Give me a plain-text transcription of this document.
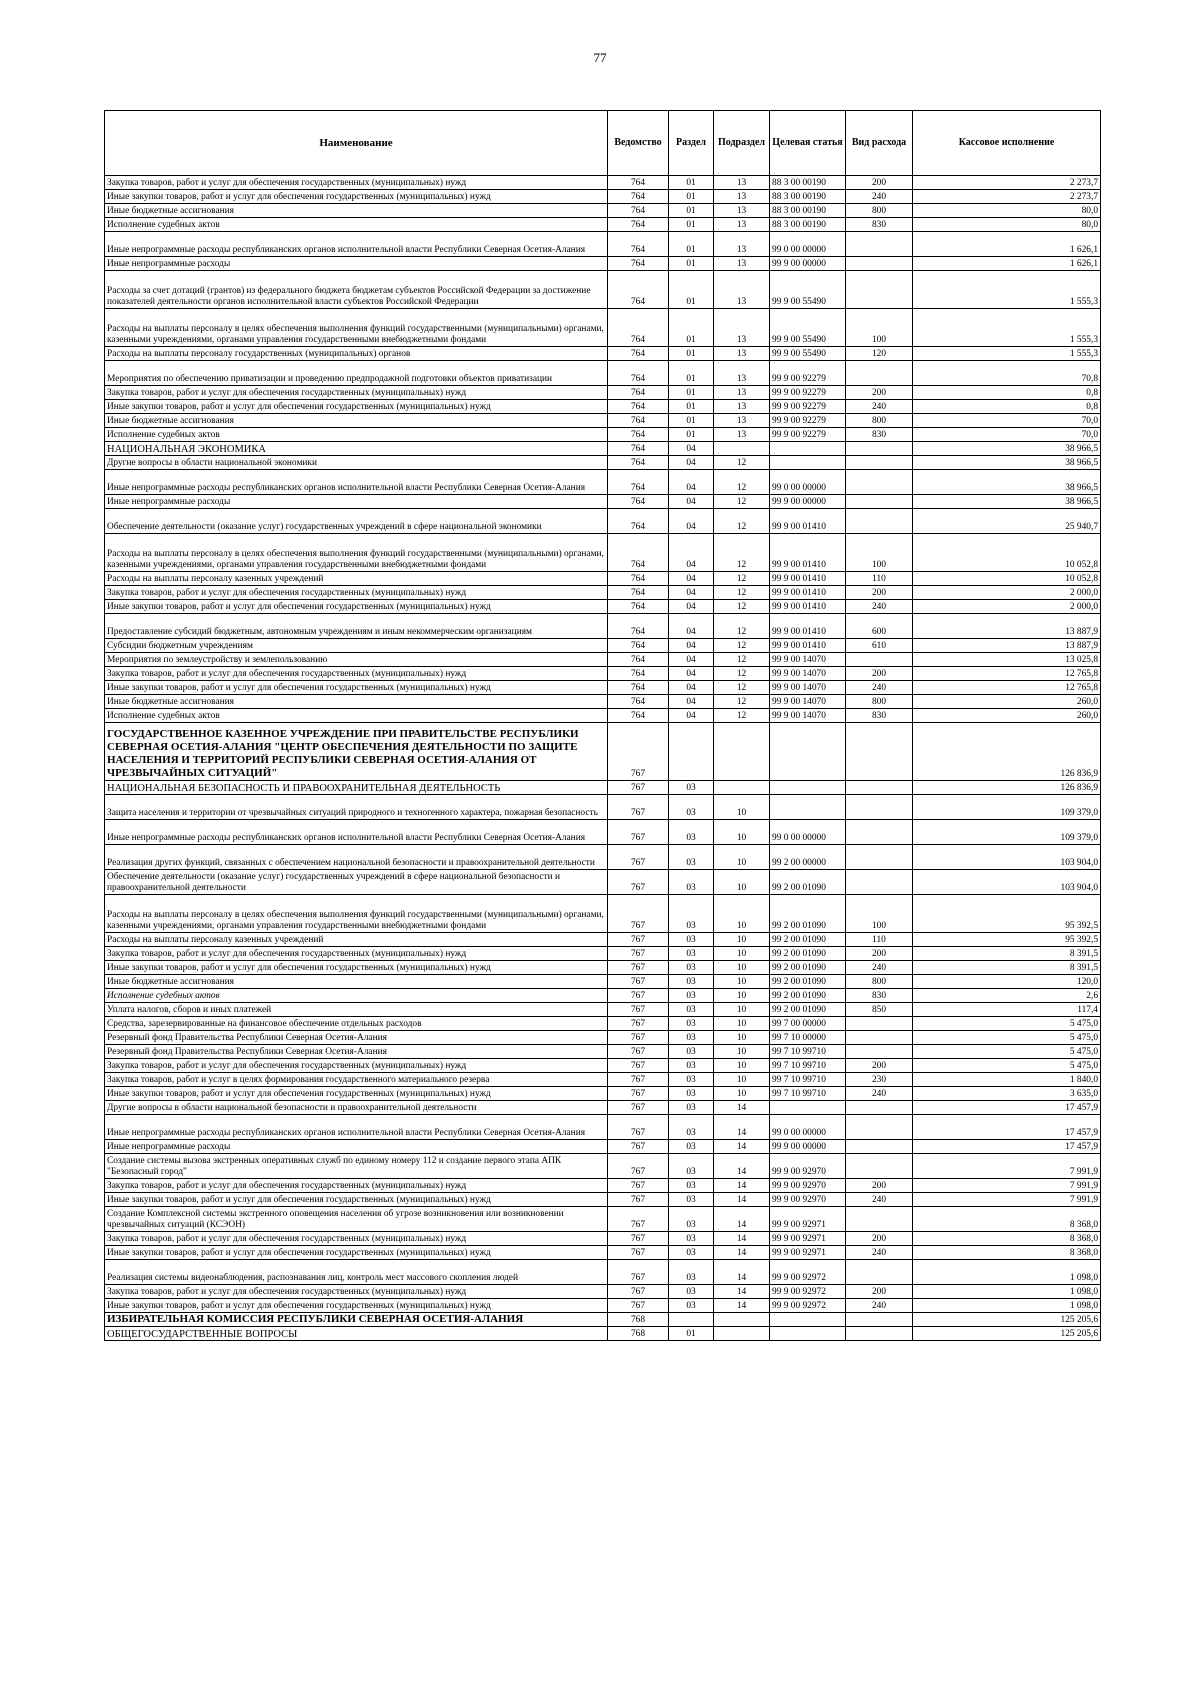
77
Наименование	Ведомство	Раздел	Подраздел	Целевая статья	Вид расхода	Кассовое исполнение
Закупка товаров, работ и услуг для обеспечения государственных (муниципальных) нужд	764	01	13	88 3 00 00190	200	2 273,7
Иные закупки товаров, работ и услуг для обеспечения государственных (муниципальных) нужд	764	01	13	88 3 00 00190	240	2 273,7
Иные бюджетные ассигнования	764	01	13	88 3 00 00190	800	80,0
Исполнение судебных актов	764	01	13	88 3 00 00190	830	80,0
Иные непрограммные расходы республиканских органов исполнительной власти Республики Северная Осетия-Алания	764	01	13	99 0 00 00000		1 626,1
Иные непрограммные расходы	764	01	13	99 9 00 00000		1 626,1
Расходы за счет дотаций (грантов) из федерального бюджета бюджетам субъектов Российской Федерации за достижение показателей деятельности органов исполнительной власти субъектов Российской Федерации	764	01	13	99 9 00 55490		1 555,3
Расходы на выплаты персоналу в целях обеспечения выполнения функций государственными (муниципальными) органами, казенными учреждениями, органами управления государственными внебюджетными фондами	764	01	13	99 9 00 55490	100	1 555,3
Расходы на выплаты персоналу государственных (муниципальных) органов	764	01	13	99 9 00 55490	120	1 555,3
Мероприятия по обеспечению приватизации и проведению предпродажной подготовки объектов приватизации	764	01	13	99 9 00 92279		70,8
Закупка товаров, работ и услуг для обеспечения государственных (муниципальных) нужд	764	01	13	99 9 00 92279	200	0,8
Иные закупки товаров, работ и услуг для обеспечения государственных (муниципальных) нужд	764	01	13	99 9 00 92279	240	0,8
Иные бюджетные ассигнования	764	01	13	99 9 00 92279	800	70,0
Исполнение судебных актов	764	01	13	99 9 00 92279	830	70,0
НАЦИОНАЛЬНАЯ ЭКОНОМИКА	764	04				38 966,5
Другие вопросы в области национальной экономики	764	04	12			38 966,5
Иные непрограммные расходы республиканских органов исполнительной власти Республики Северная Осетия-Алания	764	04	12	99 0 00 00000		38 966,5
Иные непрограммные расходы	764	04	12	99 9 00 00000		38 966,5
Обеспечение деятельности (оказание услуг) государственных учреждений в сфере национальной экономики	764	04	12	99 9 00 01410		25 940,7
Расходы на выплаты персоналу в целях обеспечения выполнения функций государственными (муниципальными) органами, казенными учреждениями, органами управления государственными внебюджетными фондами	764	04	12	99 9 00 01410	100	10 052,8
Расходы на выплаты персоналу казенных учреждений	764	04	12	99 9 00 01410	110	10 052,8
Закупка товаров, работ и услуг для обеспечения государственных (муниципальных) нужд	764	04	12	99 9 00 01410	200	2 000,0
Иные закупки товаров, работ и услуг для обеспечения государственных (муниципальных) нужд	764	04	12	99 9 00 01410	240	2 000,0
Предоставление субсидий бюджетным, автономным учреждениям и иным некоммерческим организациям	764	04	12	99 9 00 01410	600	13 887,9
Субсидии бюджетным учреждениям	764	04	12	99 9 00 01410	610	13 887,9
Мероприятия по землеустройству и землепользованию	764	04	12	99 9 00 14070		13 025,8
Закупка товаров, работ и услуг для обеспечения государственных (муниципальных) нужд	764	04	12	99 9 00 14070	200	12 765,8
Иные закупки товаров, работ и услуг для обеспечения государственных (муниципальных) нужд	764	04	12	99 9 00 14070	240	12 765,8
Иные бюджетные ассигнования	764	04	12	99 9 00 14070	800	260,0
Исполнение судебных актов	764	04	12	99 9 00 14070	830	260,0
ГОСУДАРСТВЕННОЕ КАЗЕННОЕ УЧРЕЖДЕНИЕ ПРИ ПРАВИТЕЛЬСТВЕ РЕСПУБЛИКИ СЕВЕРНАЯ ОСЕТИЯ-АЛАНИЯ "ЦЕНТР ОБЕСПЕЧЕНИЯ ДЕЯТЕЛЬНОСТИ ПО ЗАЩИТЕ НАСЕЛЕНИЯ И ТЕРРИТОРИЙ РЕСПУБЛИКИ СЕВЕРНАЯ ОСЕТИЯ-АЛАНИЯ ОТ ЧРЕЗВЫЧАЙНЫХ СИТУАЦИЙ"	767					126 836,9
НАЦИОНАЛЬНАЯ БЕЗОПАСНОСТЬ И ПРАВООХРАНИТЕЛЬНАЯ ДЕЯТЕЛЬНОСТЬ	767	03				126 836,9
Защита населения и территории от чрезвычайных ситуаций природного и техногенного характера, пожарная безопасность	767	03	10			109 379,0
Иные непрограммные расходы республиканских органов исполнительной власти Республики Северная Осетия-Алания	767	03	10	99 0 00 00000		109 379,0
Реализация других функций, связанных с обеспечением национальной безопасности и правоохранительной деятельности	767	03	10	99 2 00 00000		103 904,0
Обеспечение деятельности (оказание услуг) государственных учреждений в сфере национальной безопасности и правоохранительной деятельности	767	03	10	99 2 00 01090		103 904,0
Расходы на выплаты персоналу в целях обеспечения выполнения функций государственными (муниципальными) органами, казенными учреждениями, органами управления государственными внебюджетными фондами	767	03	10	99 2 00 01090	100	95 392,5
Расходы на выплаты персоналу казенных учреждений	767	03	10	99 2 00 01090	110	95 392,5
Закупка товаров, работ и услуг для обеспечения государственных (муниципальных) нужд	767	03	10	99 2 00 01090	200	8 391,5
Иные закупки товаров, работ и услуг для обеспечения государственных (муниципальных) нужд	767	03	10	99 2 00 01090	240	8 391,5
Иные бюджетные ассигнования	767	03	10	99 2 00 01090	800	120,0
Исполнение судебных актов	767	03	10	99 2 00 01090	830	2,6
Уплата налогов, сборов и иных платежей	767	03	10	99 2 00 01090	850	117,4
Средства, зарезервированные на финансовое обеспечение отдельных расходов	767	03	10	99 7 00 00000		5 475,0
Резервный фонд Правительства Республики Северная Осетия-Алания	767	03	10	99 7 10 00000		5 475,0
Резервный фонд Правительства Республики Северная Осетия-Алания	767	03	10	99 7 10 99710		5 475,0
Закупка товаров, работ и услуг для обеспечения государственных (муниципальных) нужд	767	03	10	99 7 10 99710	200	5 475,0
Закупка товаров, работ и услуг в целях формирования государственного материального резерва	767	03	10	99 7 10 99710	230	1 840,0
Иные закупки товаров, работ и услуг для обеспечения государственных (муниципальных) нужд	767	03	10	99 7 10 99710	240	3 635,0
Другие вопросы в области национальной безопасности и правоохранительной деятельности	767	03	14			17 457,9
Иные непрограммные расходы республиканских органов исполнительной власти Республики Северная Осетия-Алания	767	03	14	99 0 00 00000		17 457,9
Иные непрограммные расходы	767	03	14	99 9 00 00000		17 457,9
Создание системы вызова экстренных оперативных служб по единому номеру 112 и создание первого этапа АПК "Безопасный город"	767	03	14	99 9 00 92970		7 991,9
Закупка товаров, работ и услуг для обеспечения государственных (муниципальных) нужд	767	03	14	99 9 00 92970	200	7 991,9
Иные закупки товаров, работ и услуг для обеспечения государственных (муниципальных) нужд	767	03	14	99 9 00 92970	240	7 991,9
Создание Комплексной системы экстренного оповещения населения об угрозе возникновения или возникновении чрезвычайных ситуаций (КСЭОН)	767	03	14	99 9 00 92971		8 368,0
Закупка товаров, работ и услуг для обеспечения государственных (муниципальных) нужд	767	03	14	99 9 00 92971	200	8 368,0
Иные закупки товаров, работ и услуг для обеспечения государственных (муниципальных) нужд	767	03	14	99 9 00 92971	240	8 368,0
Реализация системы видеонаблюдения, распознавания лиц, контроль мест массового скопления людей	767	03	14	99 9 00 92972		1 098,0
Закупка товаров, работ и услуг для обеспечения государственных (муниципальных) нужд	767	03	14	99 9 00 92972	200	1 098,0
Иные закупки товаров, работ и услуг для обеспечения государственных (муниципальных) нужд	767	03	14	99 9 00 92972	240	1 098,0
ИЗБИРАТЕЛЬНАЯ КОМИССИЯ РЕСПУБЛИКИ СЕВЕРНАЯ ОСЕТИЯ-АЛАНИЯ	768					125 205,6
ОБЩЕГОСУДАРСТВЕННЫЕ ВОПРОСЫ	768	01				125 205,6
